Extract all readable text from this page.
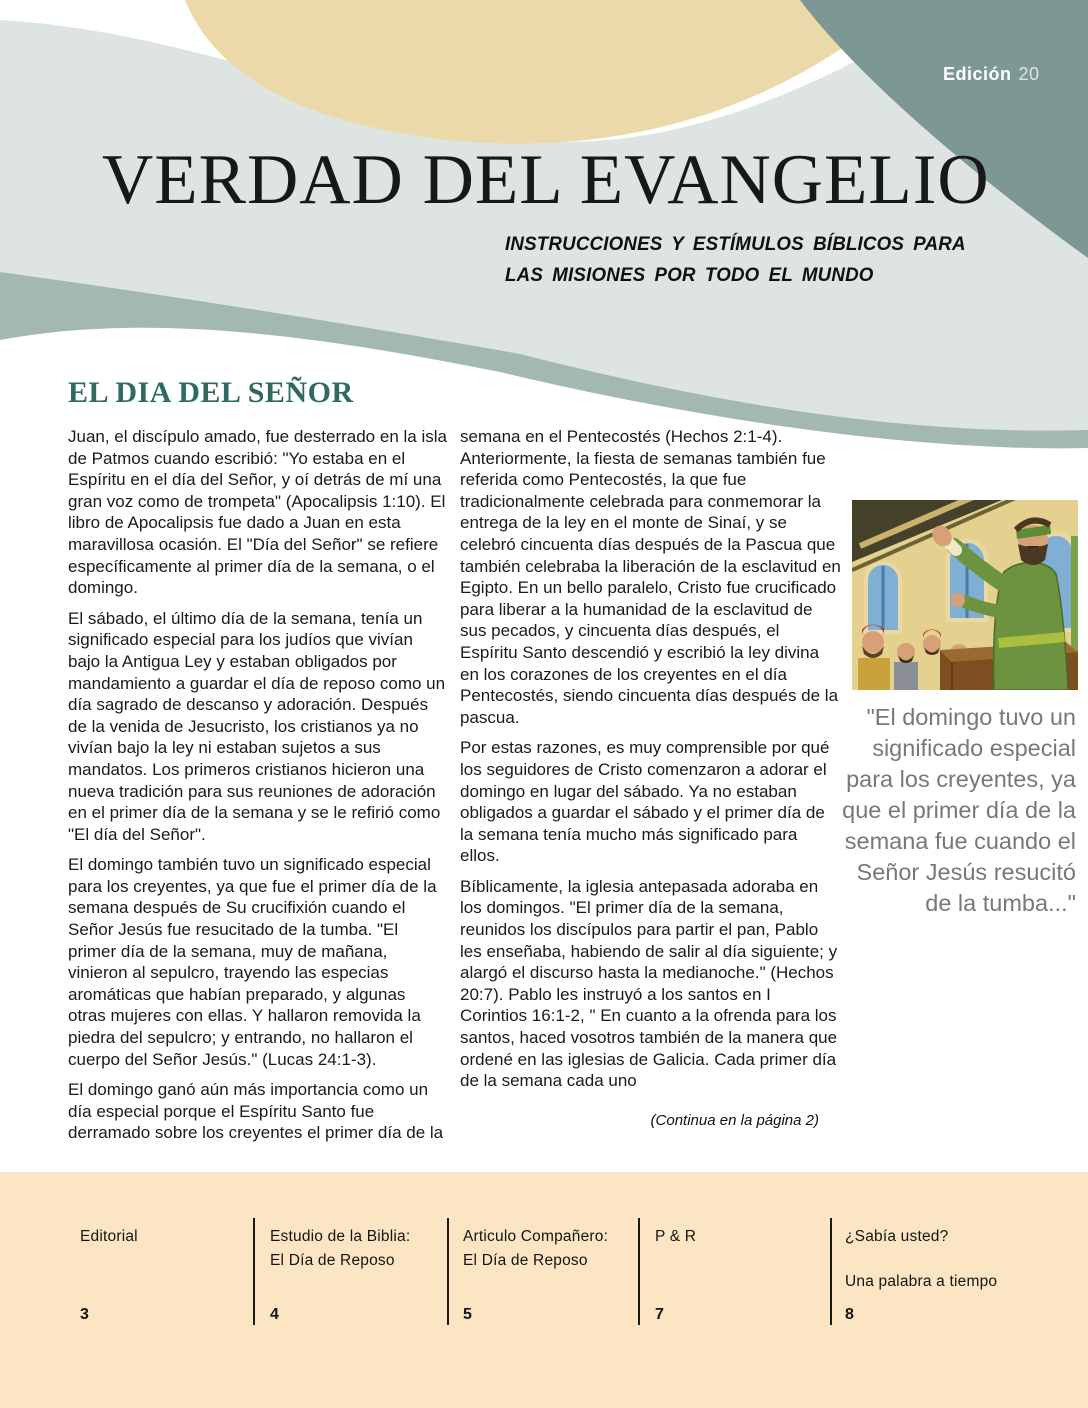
Edición 20
VERDAD DEL EVANGELIO
INSTRUCCIONES Y ESTÍMULOS BÍBLICOS PARA
LAS MISIONES POR TODO EL MUNDO
EL DIA DEL SEÑOR

Juan, el discípulo amado, fue desterrado en la isla de Patmos cuando escribió: "Yo estaba en el Espíritu en el día del Señor, y oí detrás de mí una gran voz como de trompeta" (Apocalipsis 1:10). El libro de Apocalipsis fue dado a Juan en esta maravillosa ocasión. El "Día del Señor" se refiere específicamente al primer día de la semana, o el domingo.

El sábado, el último día de la semana, tenía un significado especial para los judíos que vivían bajo la Antigua Ley y estaban obligados por mandamiento a guardar el día de reposo como un día sagrado de descanso y adoración. Después de la venida de Jesucristo, los cristianos ya no vivían bajo la ley ni estaban sujetos a sus mandatos. Los primeros cristianos hicieron una nueva tradición para sus reuniones de adoración en el primer día de la semana y se le refirió como "El día del Señor".

El domingo también tuvo un significado especial para los creyentes, ya que fue el primer día de la semana después de Su crucifixión cuando el Señor Jesús fue resucitado de la tumba. "El primer día de la semana, muy de mañana, vinieron al sepulcro, trayendo las especias aromáticas que habían preparado, y algunas otras mujeres con ellas. Y hallaron removida la piedra del sepulcro; y entrando, no hallaron el cuerpo del Señor Jesús." (Lucas 24:1-3).

El domingo ganó aún más importancia como un día especial porque el Espíritu Santo fue derramado sobre los creyentes el primer día de la

semana en el Pentecostés (Hechos 2:1-4). Anteriormente, la fiesta de semanas también fue referida como Pentecostés, la que fue tradicionalmente celebrada para conmemorar la entrega de la ley en el monte de Sinaí, y se celebró cincuenta días después de la Pascua que también celebraba la liberación de la esclavitud en Egipto. En un bello paralelo, Cristo fue crucificado para liberar a la humanidad de la esclavitud de sus pecados, y cincuenta días después, el Espíritu Santo descendió y escribió la ley divina en los corazones de los creyentes en el día Pentecostés, siendo cincuenta días después de la pascua.

Por estas razones, es muy comprensible por qué los seguidores de Cristo comenzaron a adorar el domingo en lugar del sábado. Ya no estaban obligados a guardar el sábado y el primer día de la semana tenía mucho más significado para ellos.

Bíblicamente, la iglesia antepasada adoraba en los domingos. "El primer día de la semana, reunidos los discípulos para partir el pan, Pablo les enseñaba, habiendo de salir al día siguiente; y alargó el discurso hasta la medianoche." (Hechos 20:7). Pablo les instruyó a los santos en I Corintios 16:1-2, " En cuanto a la ofrenda para los santos, haced vosotros también de la manera que ordené en las iglesias de Galicia. Cada primer día de la semana cada uno

(Continua en la página 2)

"El domingo tuvo un significado especial para los creyentes, ya que el primer día de la semana fue cuando el Señor Jesús resucitó de la tumba..."
Editorial
3
Estudio de la Biblia:
El Día de Reposo
4
Articulo Compañero:
El Día de Reposo
5
P & R
7
¿Sabía usted?
Una palabra a tiempo
8
